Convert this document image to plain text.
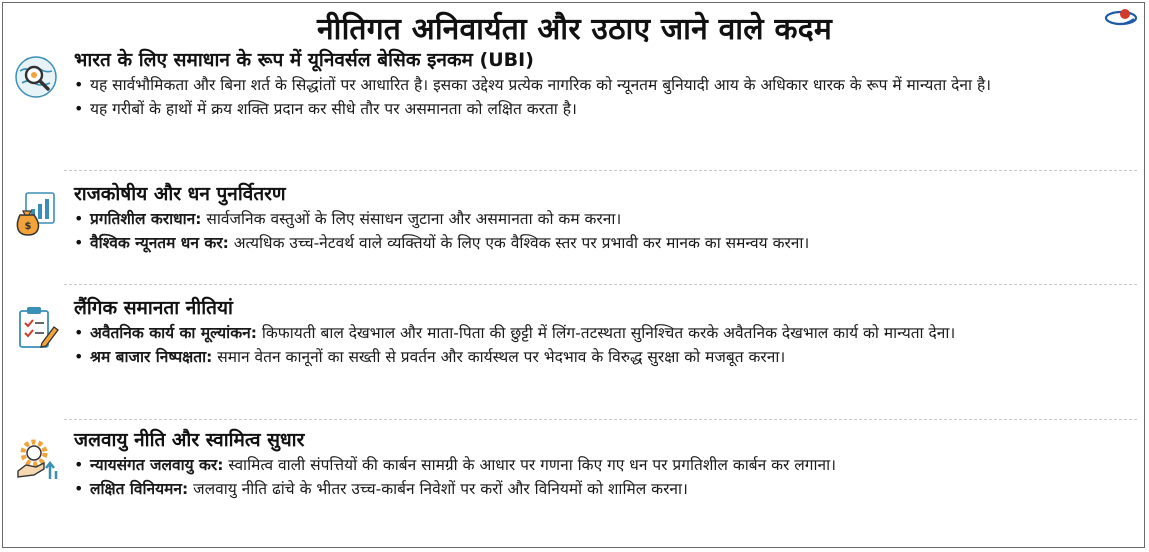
नीतिगत अनिवार्यता और उठाए जाने वाले कदम
भारत के लिए समाधान के रूप में यूनिवर्सल बेसिक इनकम (UBI)
• यह सार्वभौमिकता और बिना शर्त के सिद्धांतों पर आधारित है। इसका उद्देश्य प्रत्येक नागरिक को न्यूनतम बुनियादी आय के अधिकार धारक के रूप में मान्यता देना है।
• यह गरीबों के हाथों में क्रय शक्ति प्रदान कर सीधे तौर पर असमानता को लक्षित करता है।
$
राजकोषीय और धन पुनर्वितरण
• प्रगतिशील कराधान: सार्वजनिक वस्तुओं के लिए संसाधन जुटाना और असमानता को कम करना।
• वैश्विक न्यूनतम धन कर: अत्यधिक उच्च-नेटवर्थ वाले व्यक्तियों के लिए एक वैश्विक स्तर पर प्रभावी कर मानक का समन्वय करना।
लैंगिक समानता नीतियां
• अवैतनिक कार्य का मूल्यांकन: किफायती बाल देखभाल और माता-पिता की छुट्टी में लिंग-तटस्थता सुनिश्चित करके अवैतनिक देखभाल कार्य को मान्यता देना।
• श्रम बाजार निष्पक्षता: समान वेतन कानूनों का सख्ती से प्रवर्तन और कार्यस्थल पर भेदभाव के विरुद्ध सुरक्षा को मजबूत करना।
जलवायु नीति और स्वामित्व सुधार
• न्यायसंगत जलवायु कर: स्वामित्व वाली संपत्तियों की कार्बन सामग्री के आधार पर गणना किए गए धन पर प्रगतिशील कार्बन कर लगाना।
• लक्षित विनियमन: जलवायु नीति ढांचे के भीतर उच्च-कार्बन निवेशों पर करों और विनियमों को शामिल करना।
